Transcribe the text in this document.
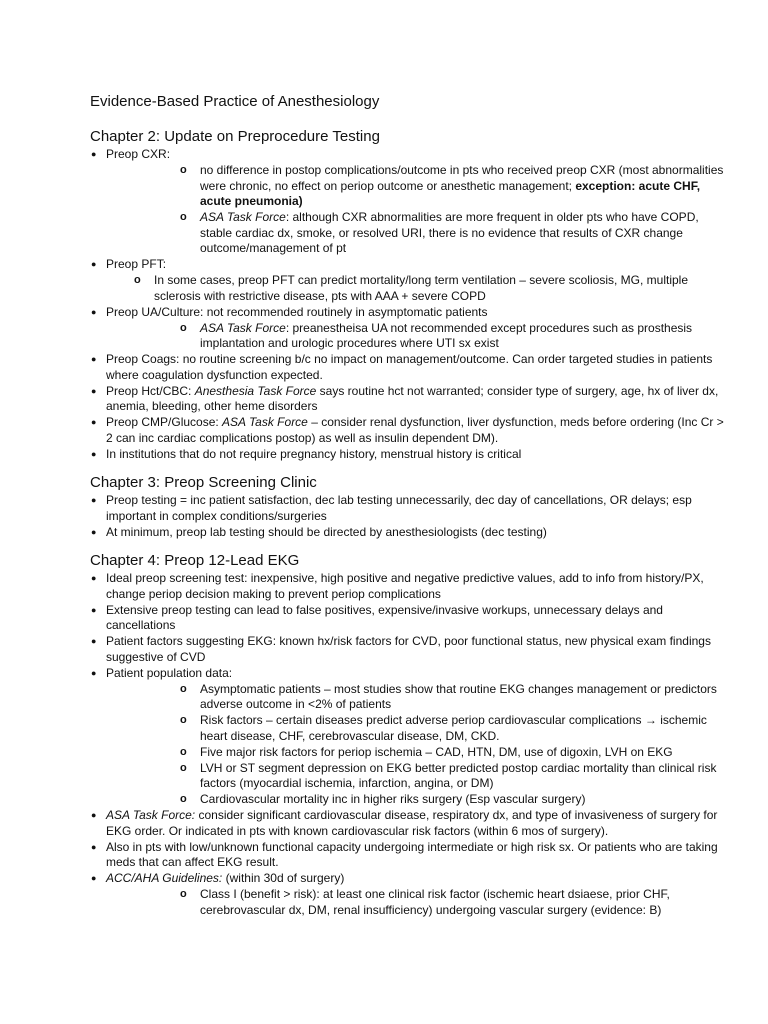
Evidence-Based Practice of Anesthesiology
Chapter 2: Update on Preprocedure Testing
● Preop CXR:
o no difference in postop complications/outcome in pts who received preop CXR (most abnormalities were chronic, no effect on periop outcome or anesthetic management; exception: acute CHF, acute pneumonia)
o ASA Task Force: although CXR abnormalities are more frequent in older pts who have COPD, stable cardiac dx, smoke, or resolved URI, there is no evidence that results of CXR change outcome/management of pt
● Preop PFT:
o In some cases, preop PFT can predict mortality/long term ventilation – severe scoliosis, MG, multiple sclerosis with restrictive disease, pts with AAA + severe COPD
● Preop UA/Culture: not recommended routinely in asymptomatic patients
o ASA Task Force: preanestheisa UA not recommended except procedures such as prosthesis implantation and urologic procedures where UTI sx exist
● Preop Coags: no routine screening b/c no impact on management/outcome. Can order targeted studies in patients where coagulation dysfunction expected.
● Preop Hct/CBC: Anesthesia Task Force says routine hct not warranted; consider type of surgery, age, hx of liver dx, anemia, bleeding, other heme disorders
● Preop CMP/Glucose: ASA Task Force – consider renal dysfunction, liver dysfunction, meds before ordering (Inc Cr > 2 can inc cardiac complications postop) as well as insulin dependent DM).
● In institutions that do not require pregnancy history, menstrual history is critical
Chapter 3: Preop Screening Clinic
● Preop testing = inc patient satisfaction, dec lab testing unnecessarily, dec day of cancellations, OR delays; esp important in complex conditions/surgeries
● At minimum, preop lab testing should be directed by anesthesiologists (dec testing)
Chapter 4: Preop 12-Lead EKG
● Ideal preop screening test: inexpensive, high positive and negative predictive values, add to info from history/PX, change periop decision making to prevent periop complications
● Extensive preop testing can lead to false positives, expensive/invasive workups, unnecessary delays and cancellations
● Patient factors suggesting EKG: known hx/risk factors for CVD, poor functional status, new physical exam findings suggestive of CVD
● Patient population data:
o Asymptomatic patients – most studies show that routine EKG changes management or predictors adverse outcome in <2% of patients
o Risk factors – certain diseases predict adverse periop cardiovascular complications → ischemic heart disease, CHF, cerebrovascular disease, DM, CKD.
o Five major risk factors for periop ischemia – CAD, HTN, DM, use of digoxin, LVH on EKG
o LVH or ST segment depression on EKG better predicted postop cardiac mortality than clinical risk factors (myocardial ischemia, infarction, angina, or DM)
o Cardiovascular mortality inc in higher riks surgery (Esp vascular surgery)
● ASA Task Force: consider significant cardiovascular disease, respiratory dx, and type of invasiveness of surgery for EKG order. Or indicated in pts with known cardiovascular risk factors (within 6 mos of surgery).
● Also in pts with low/unknown functional capacity undergoing intermediate or high risk sx. Or patients who are taking meds that can affect EKG result.
● ACC/AHA Guidelines: (within 30d of surgery)
o Class I (benefit > risk): at least one clinical risk factor (ischemic heart dsiaese, prior CHF, cerebrovascular dx, DM, renal insufficiency) undergoing vascular surgery (evidence: B)
